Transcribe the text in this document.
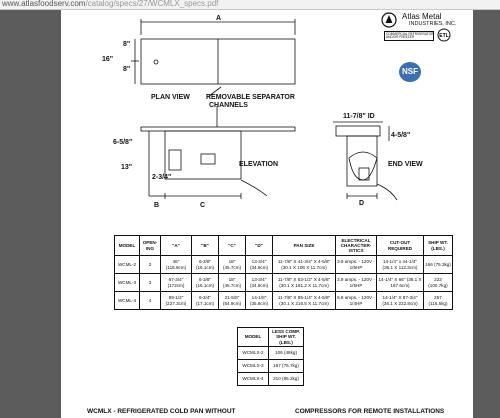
www.atlasfoodserv.com/catalog/specs/27/WCMLX_specs.pdf
Atlas Metal
INDUSTRIES, INC.
COMMERCIAL REFRIGERATOR
AND/OR FREEZER	ETL
NSF
A
8"
8"
16"
PLAN VIEW REMOVABLE SEPARATOR
CHANNELS
6-5/8"
13"
2-3/4"
ELEVATION
B	C
11-7/8" ID
4-5/8"
END VIEW
D
MODEL	OPEN-ING	"A"	"B"	"C"	"D"	PAN SIZE	ELECTRICAL CHARACTER-ISTICS	CUT-OUT REQUIRED	SHIP WT. (LBS.)
WCML-2	2	46" (116.8cm)	6-3/8" (16.1cm)	18" (45.7cm)	13-3/4" (34.9cm)	11-7/8" X 41-3/4" X 4-5/8" (30.1 X 106 X 11.7cm)	3.9 amps. - 120V - 1/5HP	14-1/4" x 44-1/4" (36.1 X 112.3cm)	166 (75.3kg)
WCML-3	3	67-3/4" (172cm)	6-3/8" (16.1cm)	18" (45.7cm)	13-3/4" (34.9cm)	11-7/8" X 63-1/2" X 4-5/8" (30.1 X 161.2 X 11.7cm)	3.9 amps. - 120V - 1/5HP	14-1/4" X 66" (36.1 X 167.6cm)	222 (100.7kg)
WCML-4	4	89-1/2" (227.3cm)	6-3/4" (17.1cm)	21-5/8" (54.9cm)	14-1/8" (35.8cm)	11-7/8" X 85-1/4" X 4-5/8" (30.1 X 216.5 X 11.7cm)	6.8 amps. - 120V - 1/4HP	14-1/4" X 87-3/4" (36.1 X 222.8cm)	257 (116.5kg)
MODEL	LESS COMP. SHIP WT. (LBS.)
WCMLX-2	106 (48kg)
WCMLX-3	167 (75.7kg)
WCMLX-4	210 (95.2kg)
WCMLX - REFRIGERATED COLD PAN WITHOUT	COMPRESSORS FOR REMOTE INSTALLATIONS
